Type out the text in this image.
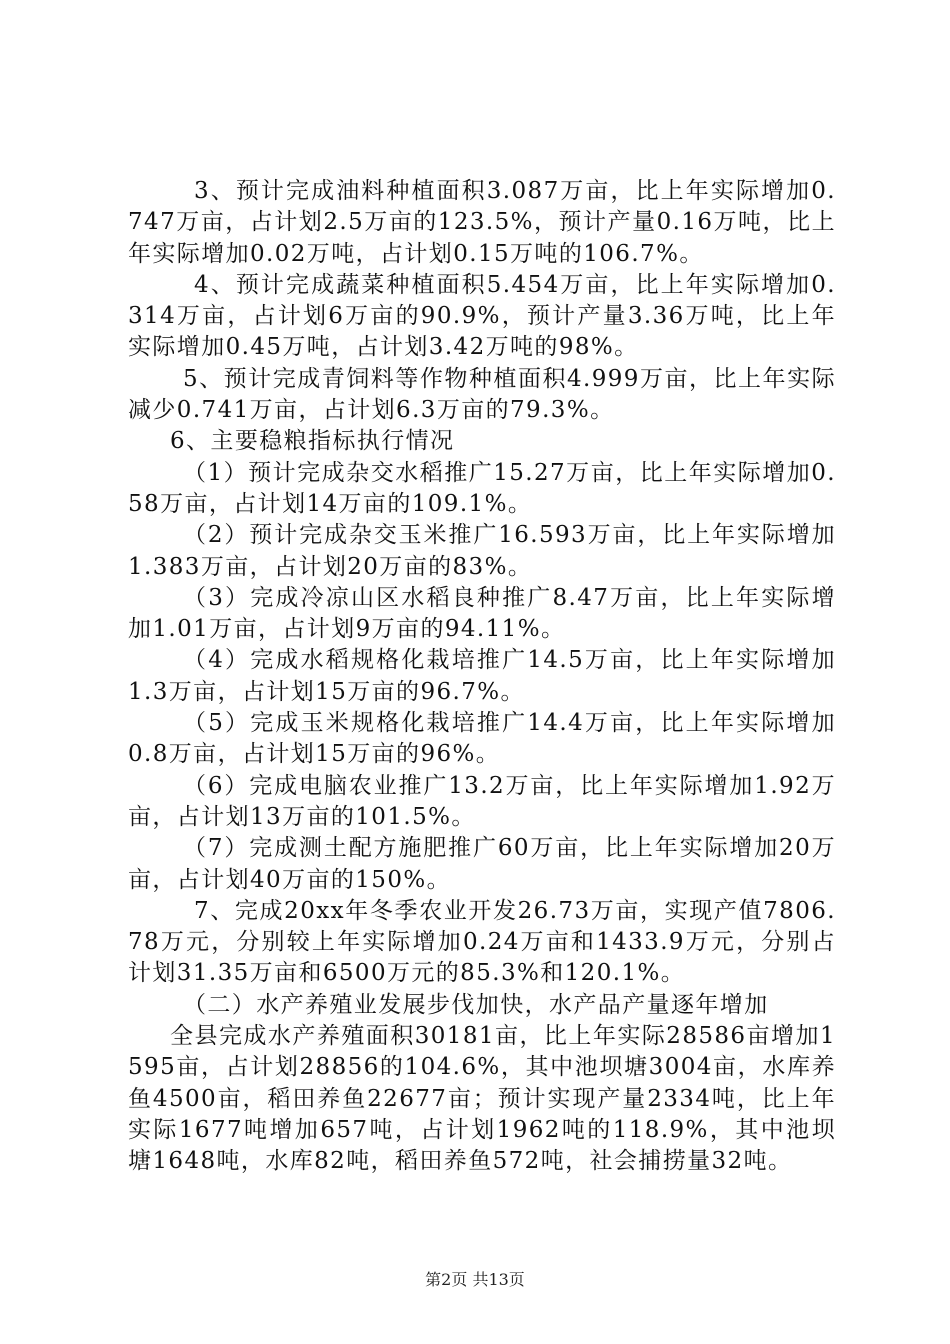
3、预计完成油料种植面积3.087万亩，比上年实际增加0.747万亩，占计划2.5万亩的123.5%，预计产量0.16万吨，比上年实际增加0.02万吨，占计划0.15万吨的106.7%。

4、预计完成蔬菜种植面积5.454万亩，比上年实际增加0.314万亩，占计划6万亩的90.9%，预计产量3.36万吨，比上年实际增加0.45万吨，占计划3.42万吨的98%。

5、预计完成青饲料等作物种植面积4.999万亩，比上年实际减少0.741万亩，占计划6.3万亩的79.3%。

6、主要稳粮指标执行情况

（1）预计完成杂交水稻推广15.27万亩，比上年实际增加0.58万亩，占计划14万亩的109.1%。

（2）预计完成杂交玉米推广16.593万亩，比上年实际增加1.383万亩，占计划20万亩的83%。

（3）完成冷凉山区水稻良种推广8.47万亩，比上年实际增加1.01万亩，占计划9万亩的94.11%。

（4）完成水稻规格化栽培推广14.5万亩，比上年实际增加1.3万亩，占计划15万亩的96.7%。

（5）完成玉米规格化栽培推广14.4万亩，比上年实际增加0.8万亩，占计划15万亩的96%。

（6）完成电脑农业推广13.2万亩，比上年实际增加1.92万亩，占计划13万亩的101.5%。

（7）完成测土配方施肥推广60万亩，比上年实际增加20万亩，占计划40万亩的150%。

7、完成20xx年冬季农业开发26.73万亩，实现产值7806.78万元，分别较上年实际增加0.24万亩和1433.9万元，分别占计划31.35万亩和6500万元的85.3%和120.1%。

（二）水产养殖业发展步伐加快，水产品产量逐年增加

全县完成水产养殖面积30181亩，比上年实际28586亩增加1595亩，占计划28856的104.6%，其中池坝塘3004亩，水库养鱼4500亩，稻田养鱼22677亩；预计实现产量2334吨，比上年实际1677吨增加657吨，占计划1962吨的118.9%，其中池坝塘1648吨，水库82吨，稻田养鱼572吨，社会捕捞量32吨。

第2页 共13页
